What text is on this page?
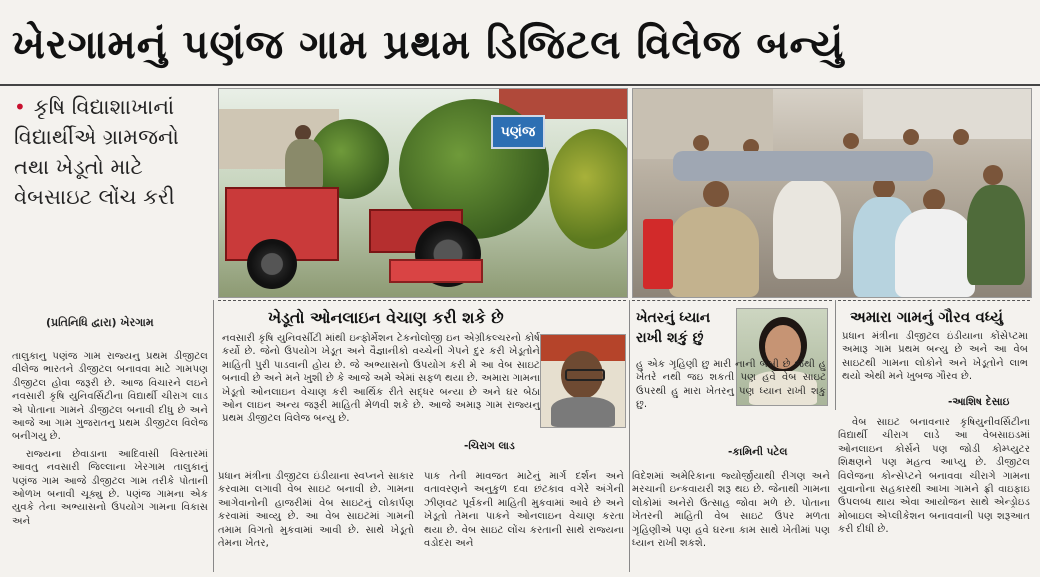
ખેરગામનું પણંજ ગામ પ્રથમ ડિજિટલ વિલેજ બન્યું
• કૃષિ વિદ્યાશાખાનાં વિદ્યાર્થીએ ગ્રામજનો તથા ખેડૂતો માટે વેબસાઇટ લોંચ કરી
(પ્રતિનિધિ દ્વારા) ખેરગામ
પણંજ
તાલુકાનુ પણંજ ગામ રાજ્યનુ પ્રથમ ડીજીટલ વીલેજ ભારતને ડીજીટલ બનાવવા માટે ગામપણ ડીજીટલ હોવા જરૂરી છે. આજ વિચારને લઇને નવસારી કૃષિ યુનિવર્સિટીના વિદ્યાર્થી ચીરાગ લાડ એ પોતાના ગામને ડીજીટલ બનાવી દીધુ છે અને આજે આ ગામ ગુજરાતનુ પ્રથમ ડીજીટલ વિલેજ બનીગયુ છે.
રાજ્યના છેવાડાના આદિવાસી વિસ્તારમાં આવતુ નવસારી જિલ્લાના ખેરગામ તાલુકાનું પણંજ ગામ આજે ડીજીટલ ગામ તરીકે પોતાની ઓળખ બનાવી ચૂક્યુ છે. પણંજ ગામના એક યુવકે તેના અભ્યાસનો ઉપયોગ ગામના વિકાસ અને
ખેડૂતો ઓનલાઇન વેચાણ કરી શકે છે
નવસારી કૃષિ યુનિવર્સીટી માંથી ઇન્ફોર્મેશન ટેકનોલોજી ઇન એગ્રીકલ્ચરનો કોર્ષ કર્યો છે. જેનો ઉપયોગ ખેડૂત અને વૈજ્ઞાનીકો વચ્ચેની ગેપને દુર કરી ખેડૂતોને માહિતી પુરી પાડવાની હોય છે. જે અભ્યાસનો ઉપયોગ કરી મે આ વેબ સાઇટ બનાવી છે અને મને ખુશી છે કે આજે અમે એમાં સફળ થયા છે. અમારા ગામના ખેડૂતો ઓનલાઇન વેચાણ કરી આર્થિક રીતે સદ્ધર બન્યા છે અને ઘર બેઠા ઓન લાઇન અન્ય જરૂરી માહિતી મેળવી શકે છે. આજે અમારૂ ગામ રાજ્યનુ પ્રથમ ડીજીટલ વિલેજ બન્યુ છે.
-ચિરાગ લાડ
ખેતરનું ધ્યાન રાખી શકું છું
હુ એક ગૃહિણી છુ મારી નાની બેબી છે જેથી હુ ખેતરે નથી જઇ શકતી પણ હવે વેબ સાઇટ ઉપરથી હુ મારા ખેતરનુ પણ ધ્યાન રાખી શકુ છુ.
-કામિની પટેલ
અમારા ગામનું ગૌરવ વધ્યું
પ્રધાન મંત્રીના ડીજીટલ ઇંડીયાના કોંસેપ્ટમા અમારૂ ગામ પ્રથમ બન્યુ છે અને આ વેબ સાઇટથી ગામના લોકોને અને ખેડૂતોને લાભ થયો એથી મને ખુબજ ગૌરવ છે.
-આશિષ દેસાઇ
પ્રધાન મંત્રીના ડીજીટલ ઇંડીયાના સ્વપ્નને સાકાર કરવામા લગાવી વેબ સાઇટ બનાવી છે. ગામના આગેવાનોની હાજરીમાં વેબ સાઇટનું લોકાર્પણ કરવામાં આવ્યુ છે. આ વેબ સાઇટમાં ગામની તમામ વિગતો મુકવામાં આવી છે. સાથે ખેડૂતો તેમના ખેતર,
પાક તેની માવજત માટેનું માર્ગ દર્શન અને વતાવરણને અનુકુળ દવા છંટકાવ વગેરે અંગેની ઝીણવટ પૂર્વકની માહિતી મુકવામાં આવે છે અને ખેડૂતો તેમના પાકને ઓનલાઇન વેચાણ કરતા થયા છે. વેબ સાઇટ લોંચ કરતાની સાથે રાજ્યના વડોદરા અને
વિદેશમાં અમેરિકાના જ્યોર્જીયાથી રીગણ અને મરચાની ઇન્કવાયરી શરૂ થઇ છે. જેનાથી ગામના લોકોમાં અનેરો ઉત્સાહ જોવા મળે છે. પોતાના ખેતરની માહિતી વેબ સાઇટ ઉપર મળતા ગૃહિણીએ પણ હવે ઘરના કામ સાથે ખેતીમાં પણ ધ્યાન રાખી શકશે.
વેબ સાઇટ બનાવનાર કૃષિયુનીવર્સિટીના વિદ્યાર્થી ચીરાગ લાડે આ વેબસાઇડમાં ઓનલાઇન કોર્સને પણ જોડી કોમ્પ્યુટર શિક્ષણને પણ મહત્વ આપ્યુ છે. ડીજીટલ વિલેજના કોન્સેપ્ટને બનાવવા ચીરાગે ગામના યુવાનોના સહકારથી આખા ગામને ફ્રી વાઇફાઇ ઉપલબ્ધ થાય એવા આયોજન સાથે એન્ડ્રોઇડ મોબાઇલ એપ્લીકેશન બનાવવાની પણ શરૂઆત કરી દીધી છે.
